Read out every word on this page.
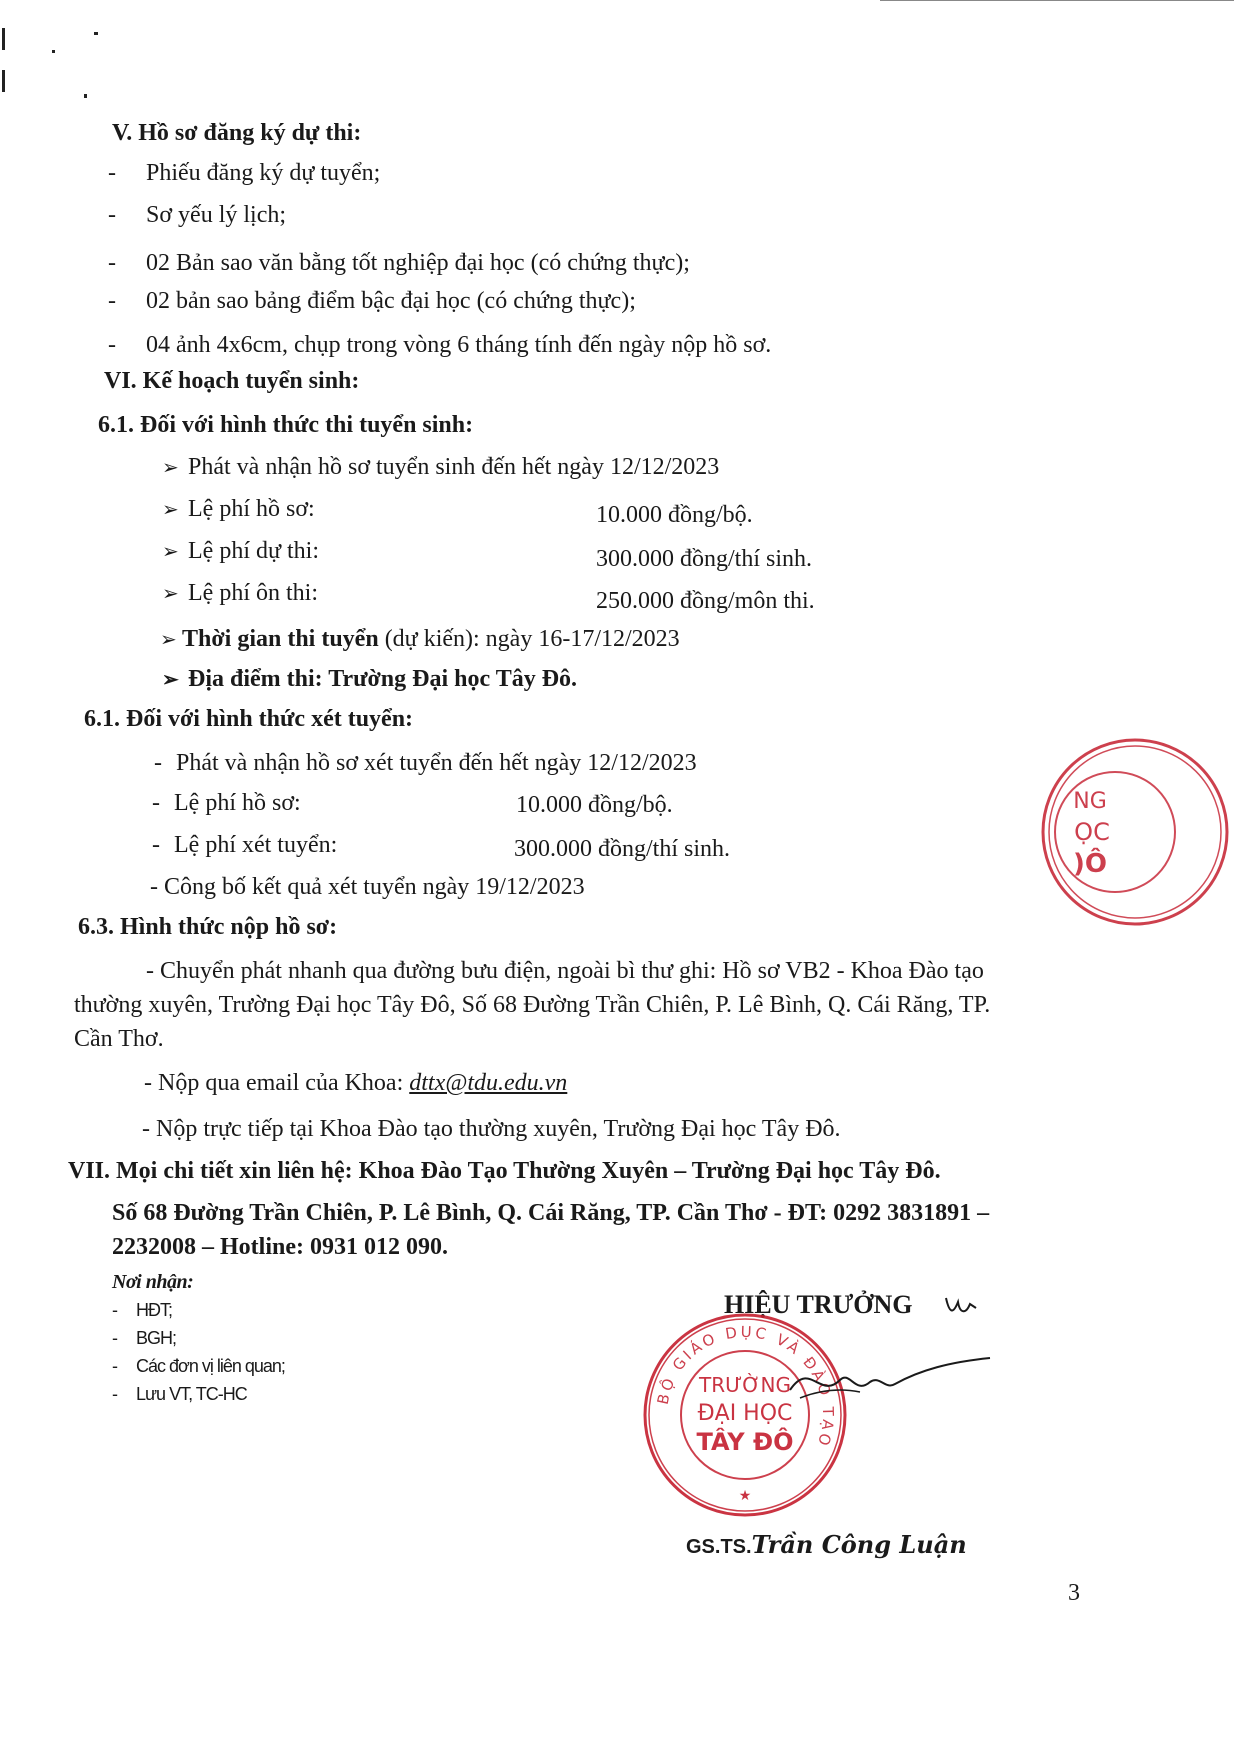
V. Hồ sơ đăng ký dự thi:
- Phiếu đăng ký dự tuyển;
- Sơ yếu lý lịch;
- 02 Bản sao văn bằng tốt nghiệp đại học (có chứng thực);
- 02 bản sao bảng điểm bậc đại học (có chứng thực);
- 04 ảnh 4x6cm, chụp trong vòng 6 tháng tính đến ngày nộp hồ sơ.
VI. Kế hoạch tuyển sinh:
6.1. Đối với hình thức thi tuyển sinh:
➢ Phát và nhận hồ sơ tuyển sinh đến hết ngày 12/12/2023
➢ Lệ phí hồ sơ:	10.000 đồng/bộ.
➢ Lệ phí dự thi:	300.000 đồng/thí sinh.
➢ Lệ phí ôn thi:	250.000 đồng/môn thi.
➢ Thời gian thi tuyển (dự kiến): ngày 16-17/12/2023
➢ Địa điểm thi: Trường Đại học Tây Đô.
6.1. Đối với hình thức xét tuyển:
- Phát và nhận hồ sơ xét tuyển đến hết ngày 12/12/2023
- Lệ phí hồ sơ:	10.000 đồng/bộ.
- Lệ phí xét tuyển:	300.000 đồng/thí sinh.
- Công bố kết quả xét tuyển ngày 19/12/2023
6.3. Hình thức nộp hồ sơ:
- Chuyển phát nhanh qua đường bưu điện, ngoài bì thư ghi: Hồ sơ VB2 - Khoa Đào tạo
thường xuyên, Trường Đại học Tây Đô, Số 68 Đường Trần Chiên, P. Lê Bình, Q. Cái Răng, TP.
Cần Thơ.
- Nộp qua email của Khoa: dttx@tdu.edu.vn
- Nộp trực tiếp tại Khoa Đào tạo thường xuyên, Trường Đại học Tây Đô.
VII. Mọi chi tiết xin liên hệ: Khoa Đào Tạo Thường Xuyên – Trường Đại học Tây Đô.
Số 68 Đường Trần Chiên, P. Lê Bình, Q. Cái Răng, TP. Cần Thơ - ĐT: 0292 3831891 –
2232008 – Hotline: 0931 012 090.
Nơi nhận:
- HĐT;
- BGH;
- Các đơn vị liên quan;
- Lưu VT, TC-HC
HIỆU TRƯỞNG
BỘ GIÁO DỤC VÀ ĐÀO TẠO
TRƯỜNG
ĐẠI HỌC
TÂY ĐÔ
★
GS.TS.Trần Công Luận
NG
ỌC
)Ô
3
